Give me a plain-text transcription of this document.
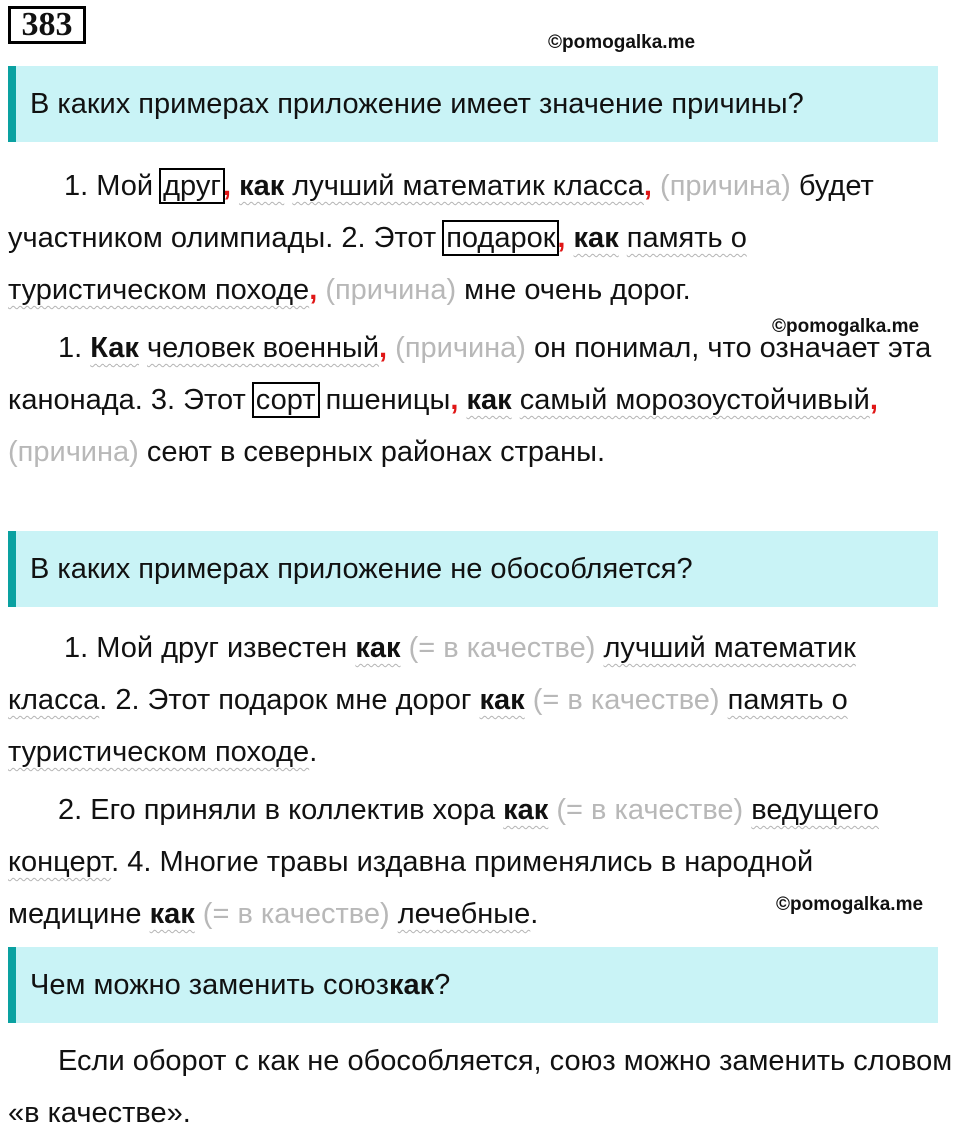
383	©pomogalka.me
В каких примерах приложение имеет значение причины?
1. Мой друг, как лучший математик класса, (причина) будет участником олимпиады. 2. Этот подарок, как память о туристическом походе, (причина) мне очень дорог.
©pomogalka.me
1. Как человек военный, (причина) он понимал, что означает эта канонада. 3. Этот сорт пшеницы, как самый морозоустойчивый, (причина) сеют в северных районах страны.
В каких примерах приложение не обособляется?
1. Мой друг известен как (= в качестве) лучший математик класса. 2. Этот подарок мне дорог как (= в качестве) память о туристическом походе.
2. Его приняли в коллектив хора как (= в качестве) ведущего концерт. 4. Многие травы издавна применялись в народной медицине как (= в качестве) лечебные.	©pomogalka.me
Чем можно заменить союз как ?
Если оборот с как не обособляется, союз можно заменить словом «в качестве».
